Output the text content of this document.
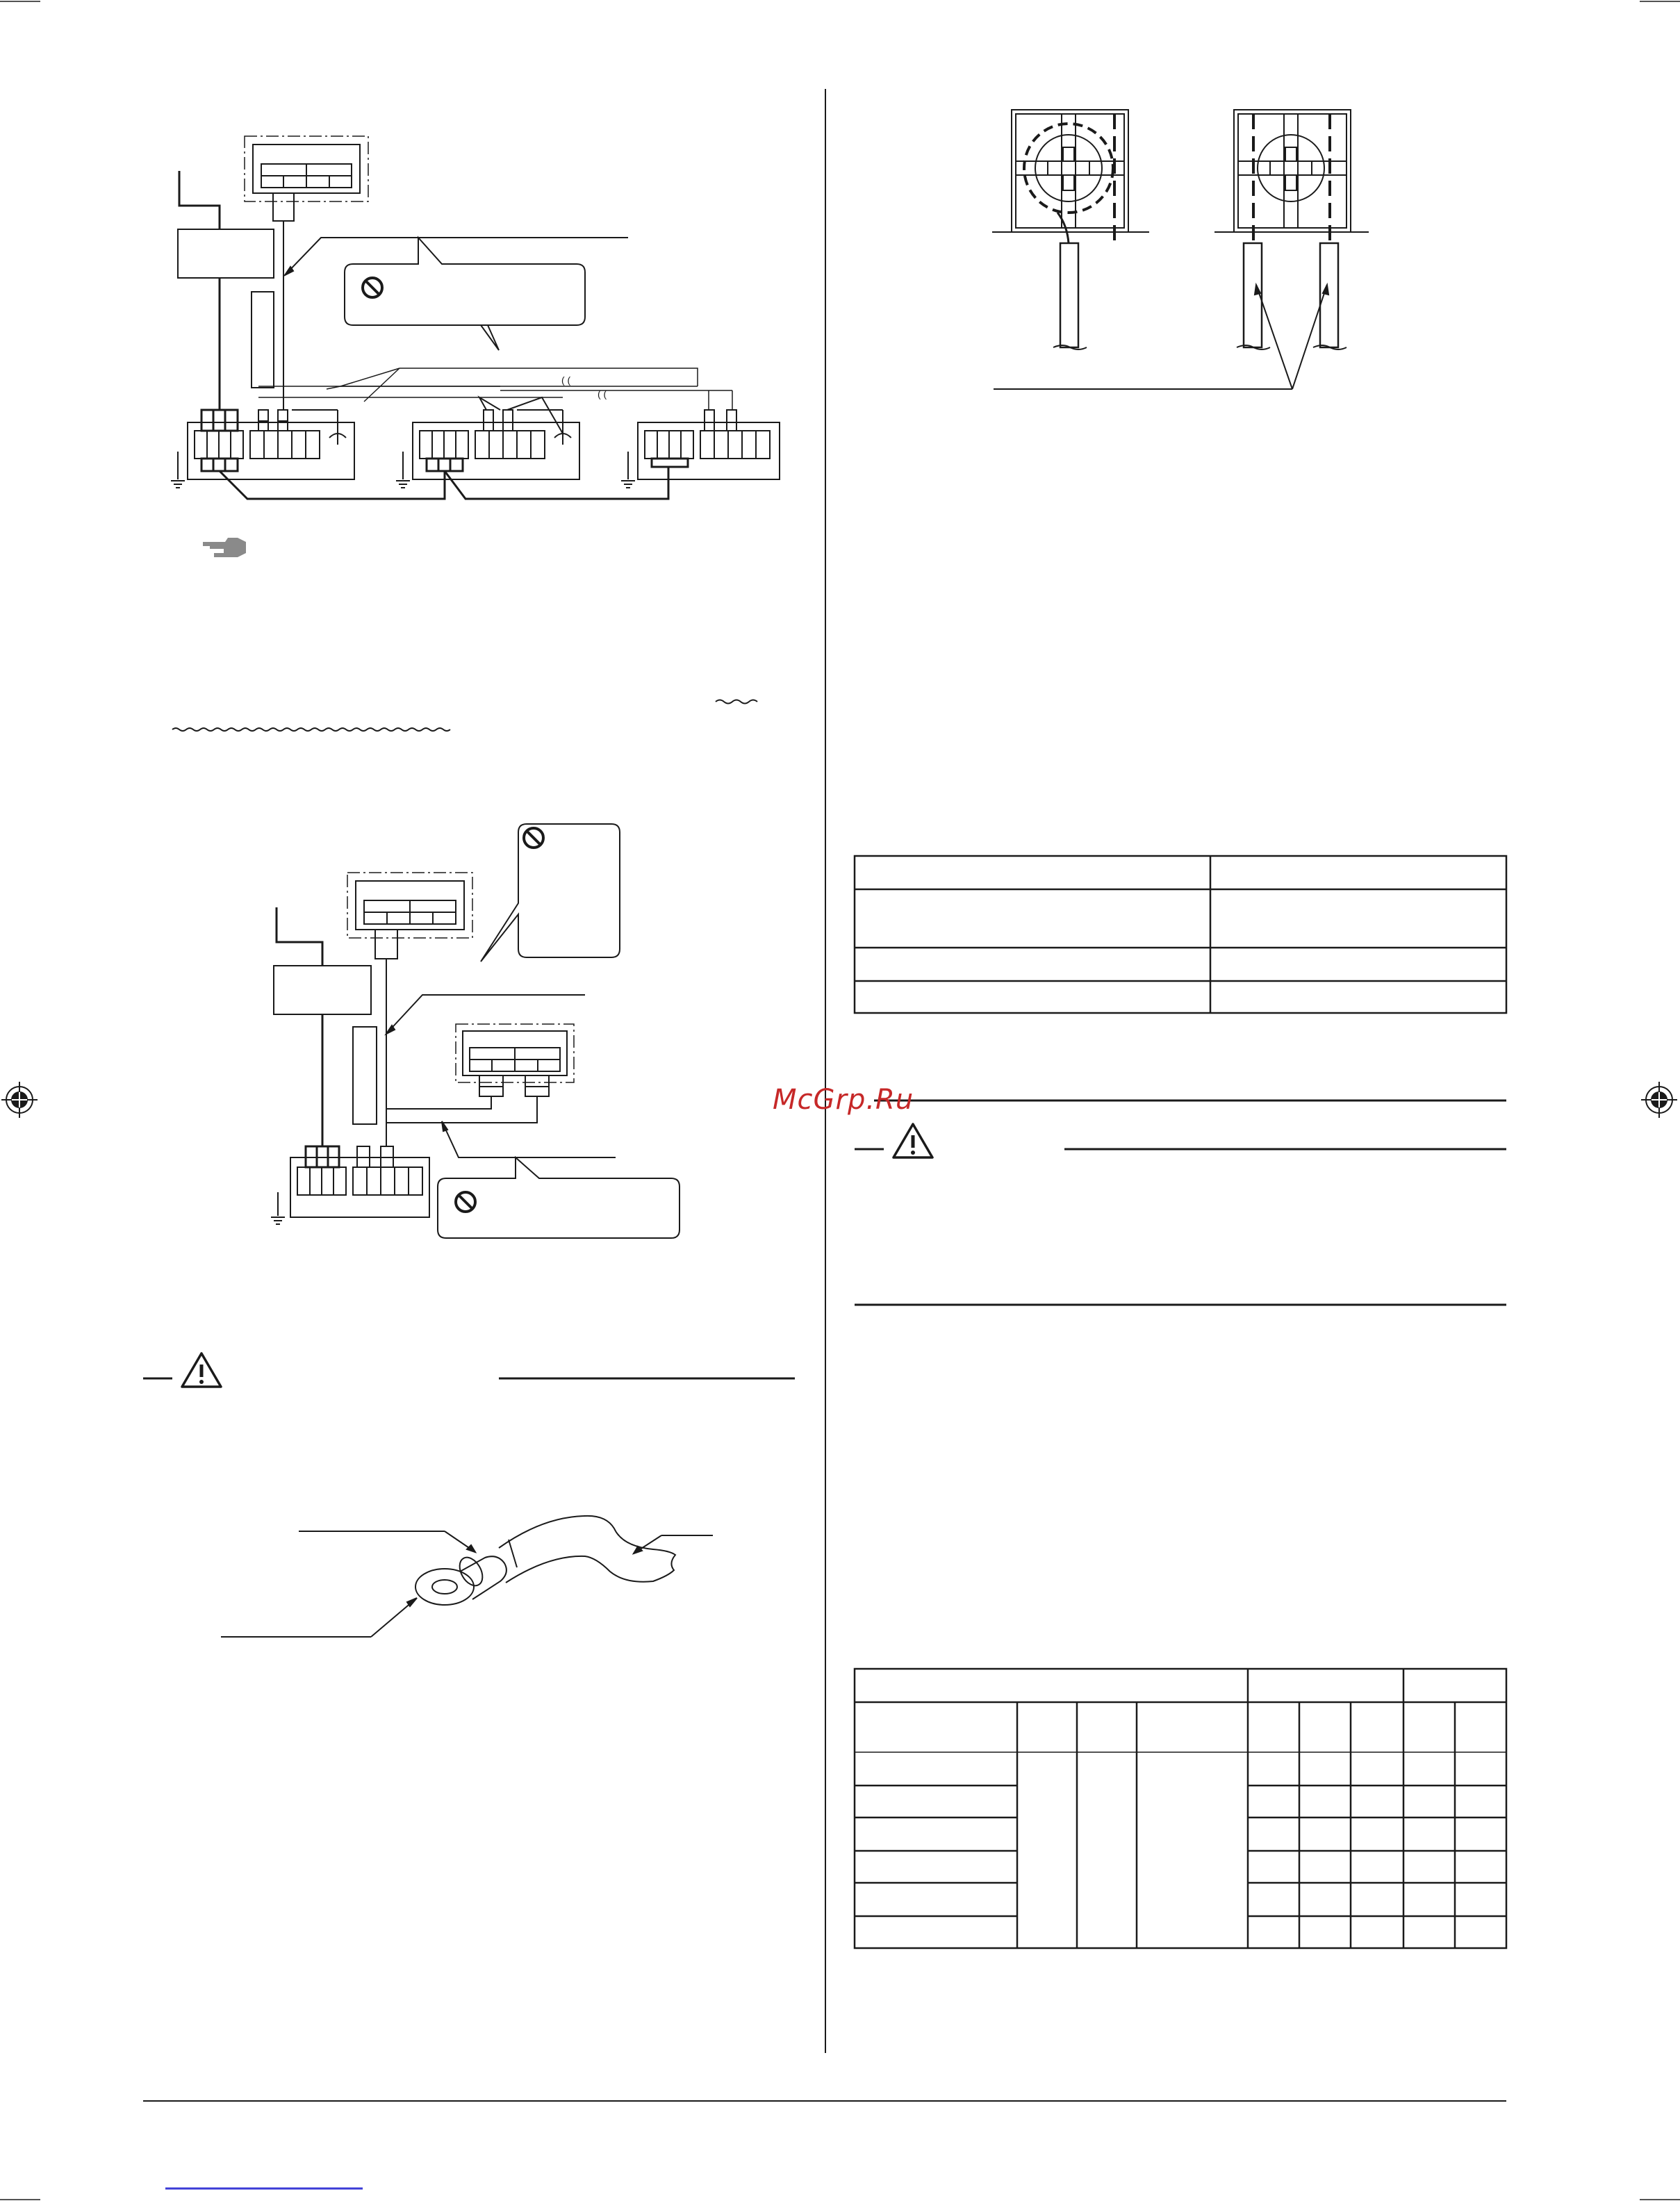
( (
( (
McGrp.Ru
